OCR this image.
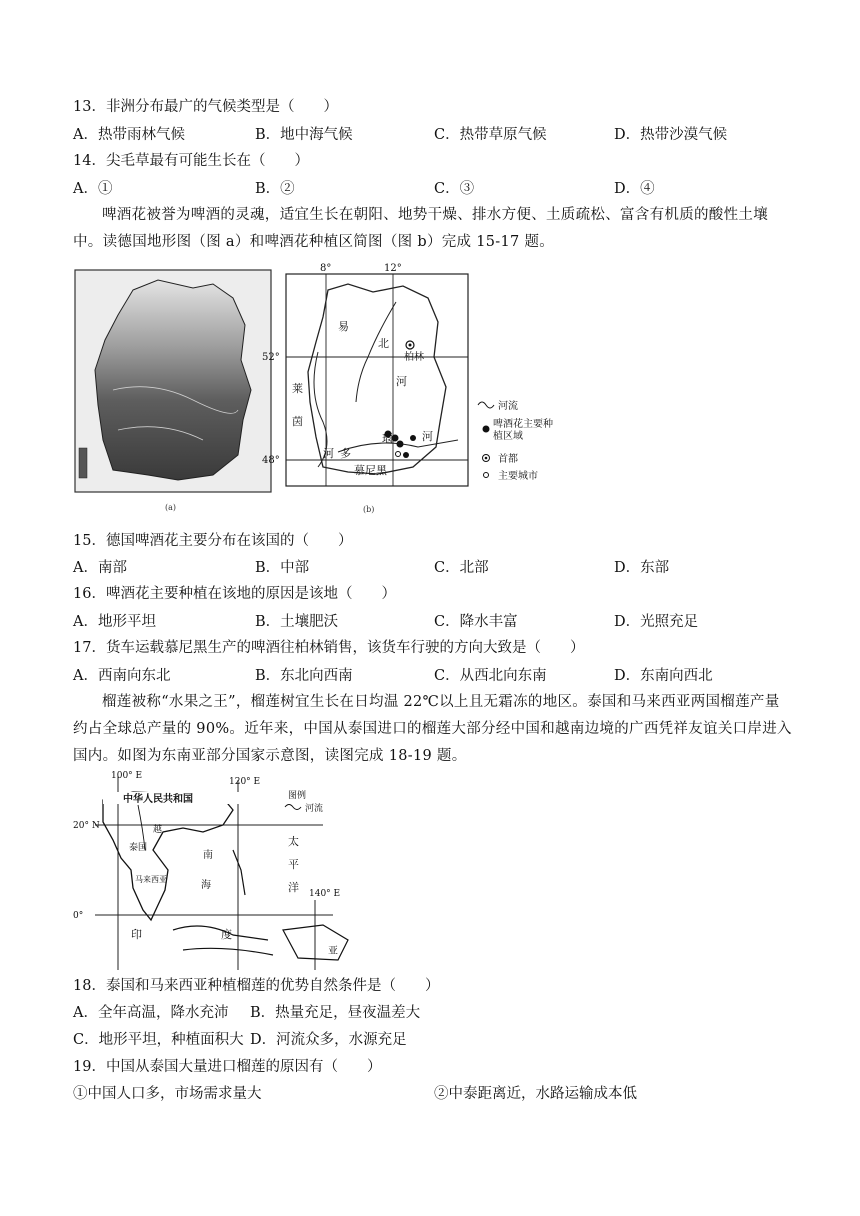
13．非洲分布最广的气候类型是（　　）
A．热带雨林气候	B．地中海气候	C．热带草原气候	D．热带沙漠气候
14．尖毛草最有可能生长在（　　）
A．①	B．②	C．③	D．④
啤酒花被誉为啤酒的灵魂，适宜生长在朝阳、地势干燥、排水方便、土质疏松、富含有机质的酸性土壤中。读德国地形图（图 a）和啤酒花种植区简图（图 b）完成 15-17 题。
(a)
8°	12°
52°
48°
易
北
河
柏林
莱
茵
河 多
瑙	河
慕尼黑
河流
啤酒花主要种植区域
首都
主要城市
(b)
15．德国啤酒花主要分布在该国的（　　）
A．南部	B．中部	C．北部	D．东部
16．啤酒花主要种植在该地的原因是该地（　　）
A．地形平坦	B．土壤肥沃	C．降水丰富	D．光照充足
17．货车运载慕尼黑生产的啤酒往柏林销售，该货车行驶的方向大致是（　　）
A．西南向东北	B．东北向西南	C．从西北向东南	D．东南向西北
榴莲被称“水果之王”，榴莲树宜生长在日均温 22℃以上且无霜冻的地区。泰国和马来西亚两国榴莲产量约占全球总产量的 90%。近年来，中国从泰国进口的榴莲大部分经中国和越南边境的广西凭祥友谊关口岸进入国内。如图为东南亚部分国家示意图，读图完成 18-19 题。
100° E
120° E
140° E
20° N
0°
中华人民共和国	图例
河流
越
泰国
南
海
马来西亚
太
平
洋
印	度
亚
18．泰国和马来西亚种植榴莲的优势自然条件是（　　）
A．全年高温，降水充沛 B．热量充足，昼夜温差大
C．地形平坦，种植面积大 D．河流众多，水源充足
19．中国从泰国大量进口榴莲的原因有（　　）
①中国人口多，市场需求量大	②中泰距离近，水路运输成本低
